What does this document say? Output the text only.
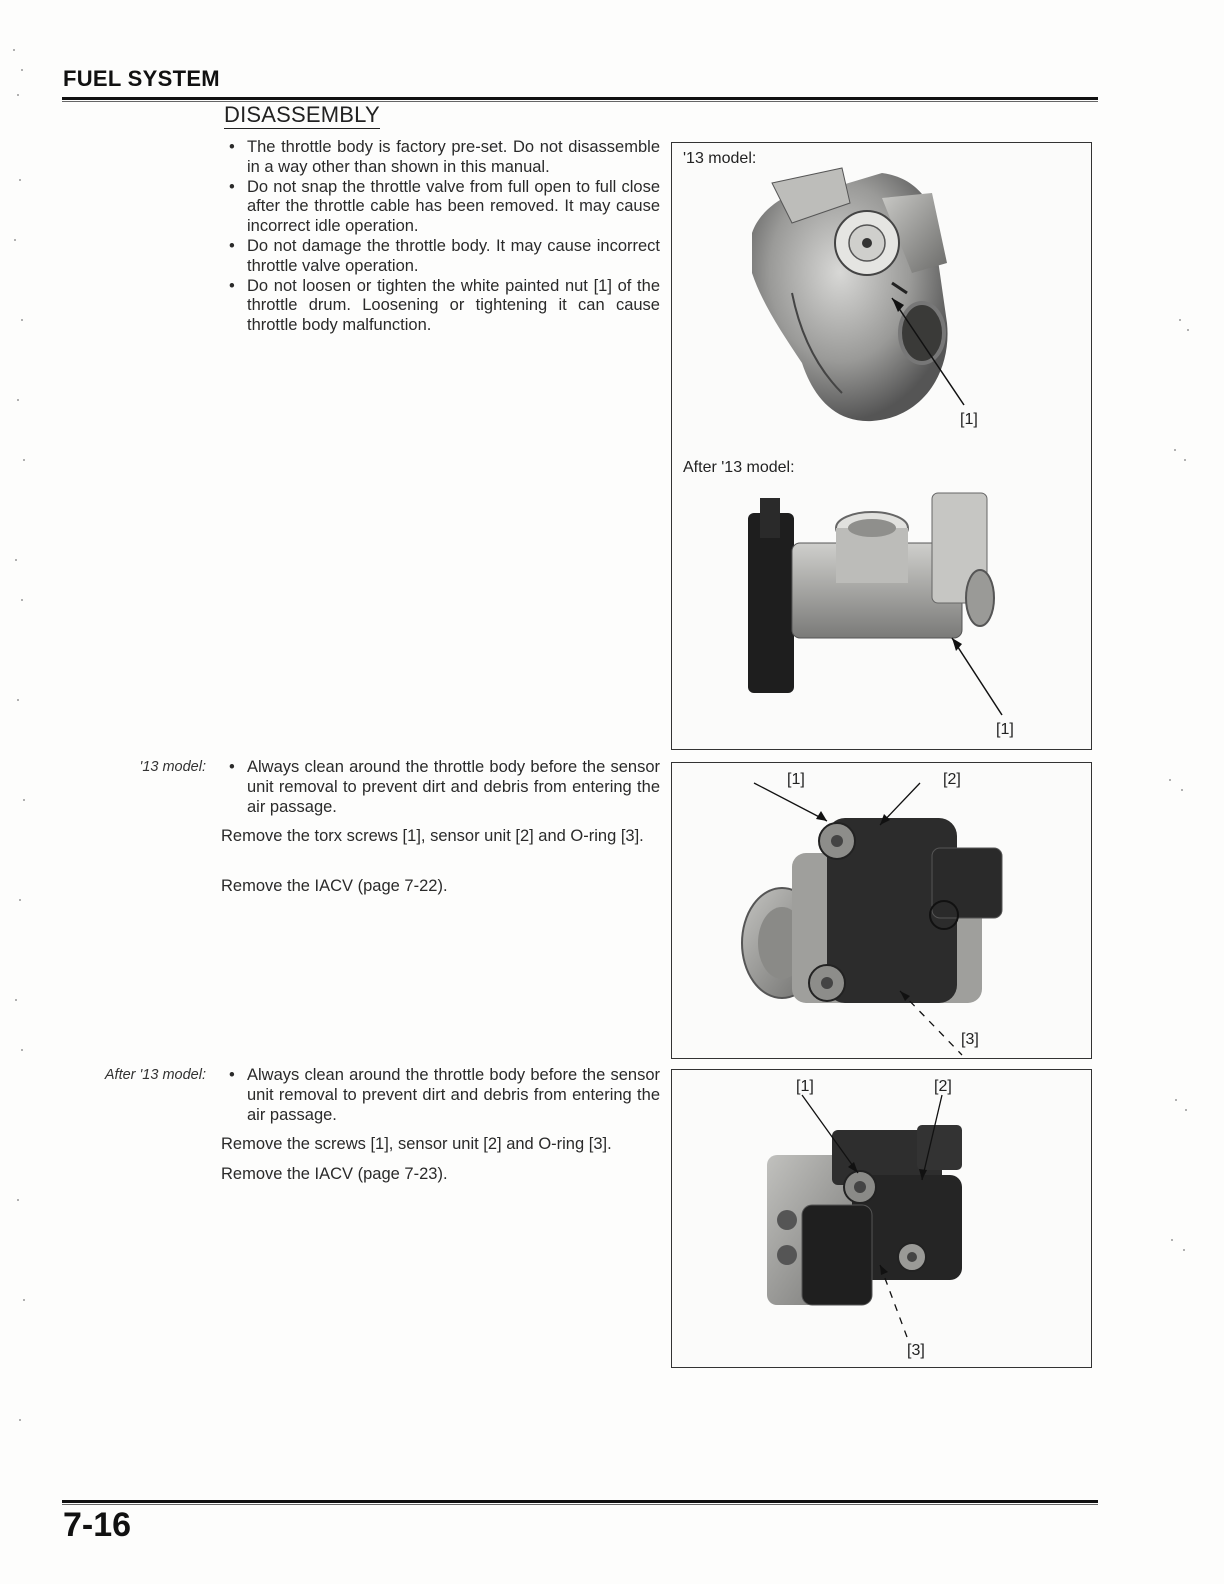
FUEL SYSTEM
DISASSEMBLY
• The throttle body is factory pre-set. Do not disassemble in a way other than shown in this manual.
• Do not snap the throttle valve from full open to full close after the throttle cable has been removed. It may cause incorrect idle operation.
• Do not damage the throttle body. It may cause incorrect throttle valve operation.
• Do not loosen or tighten the white painted nut [1] of the throttle drum. Loosening or tightening it can cause throttle body malfunction.
'13 model:
After '13 model:
[1]
[1]
'13 model:	• Always clean around the throttle body before the sensor unit removal to prevent dirt and debris from entering the air passage.
Remove the torx screws [1], sensor unit [2] and O-ring [3].
Remove the IACV (page 7-22).
[1]	[2]
[3]
After '13 model:	• Always clean around the throttle body before the sensor unit removal to prevent dirt and debris from entering the air passage.
Remove the screws [1], sensor unit [2] and O-ring [3].
Remove the IACV (page 7-23).
[1]	[2]
[3]
7-16
